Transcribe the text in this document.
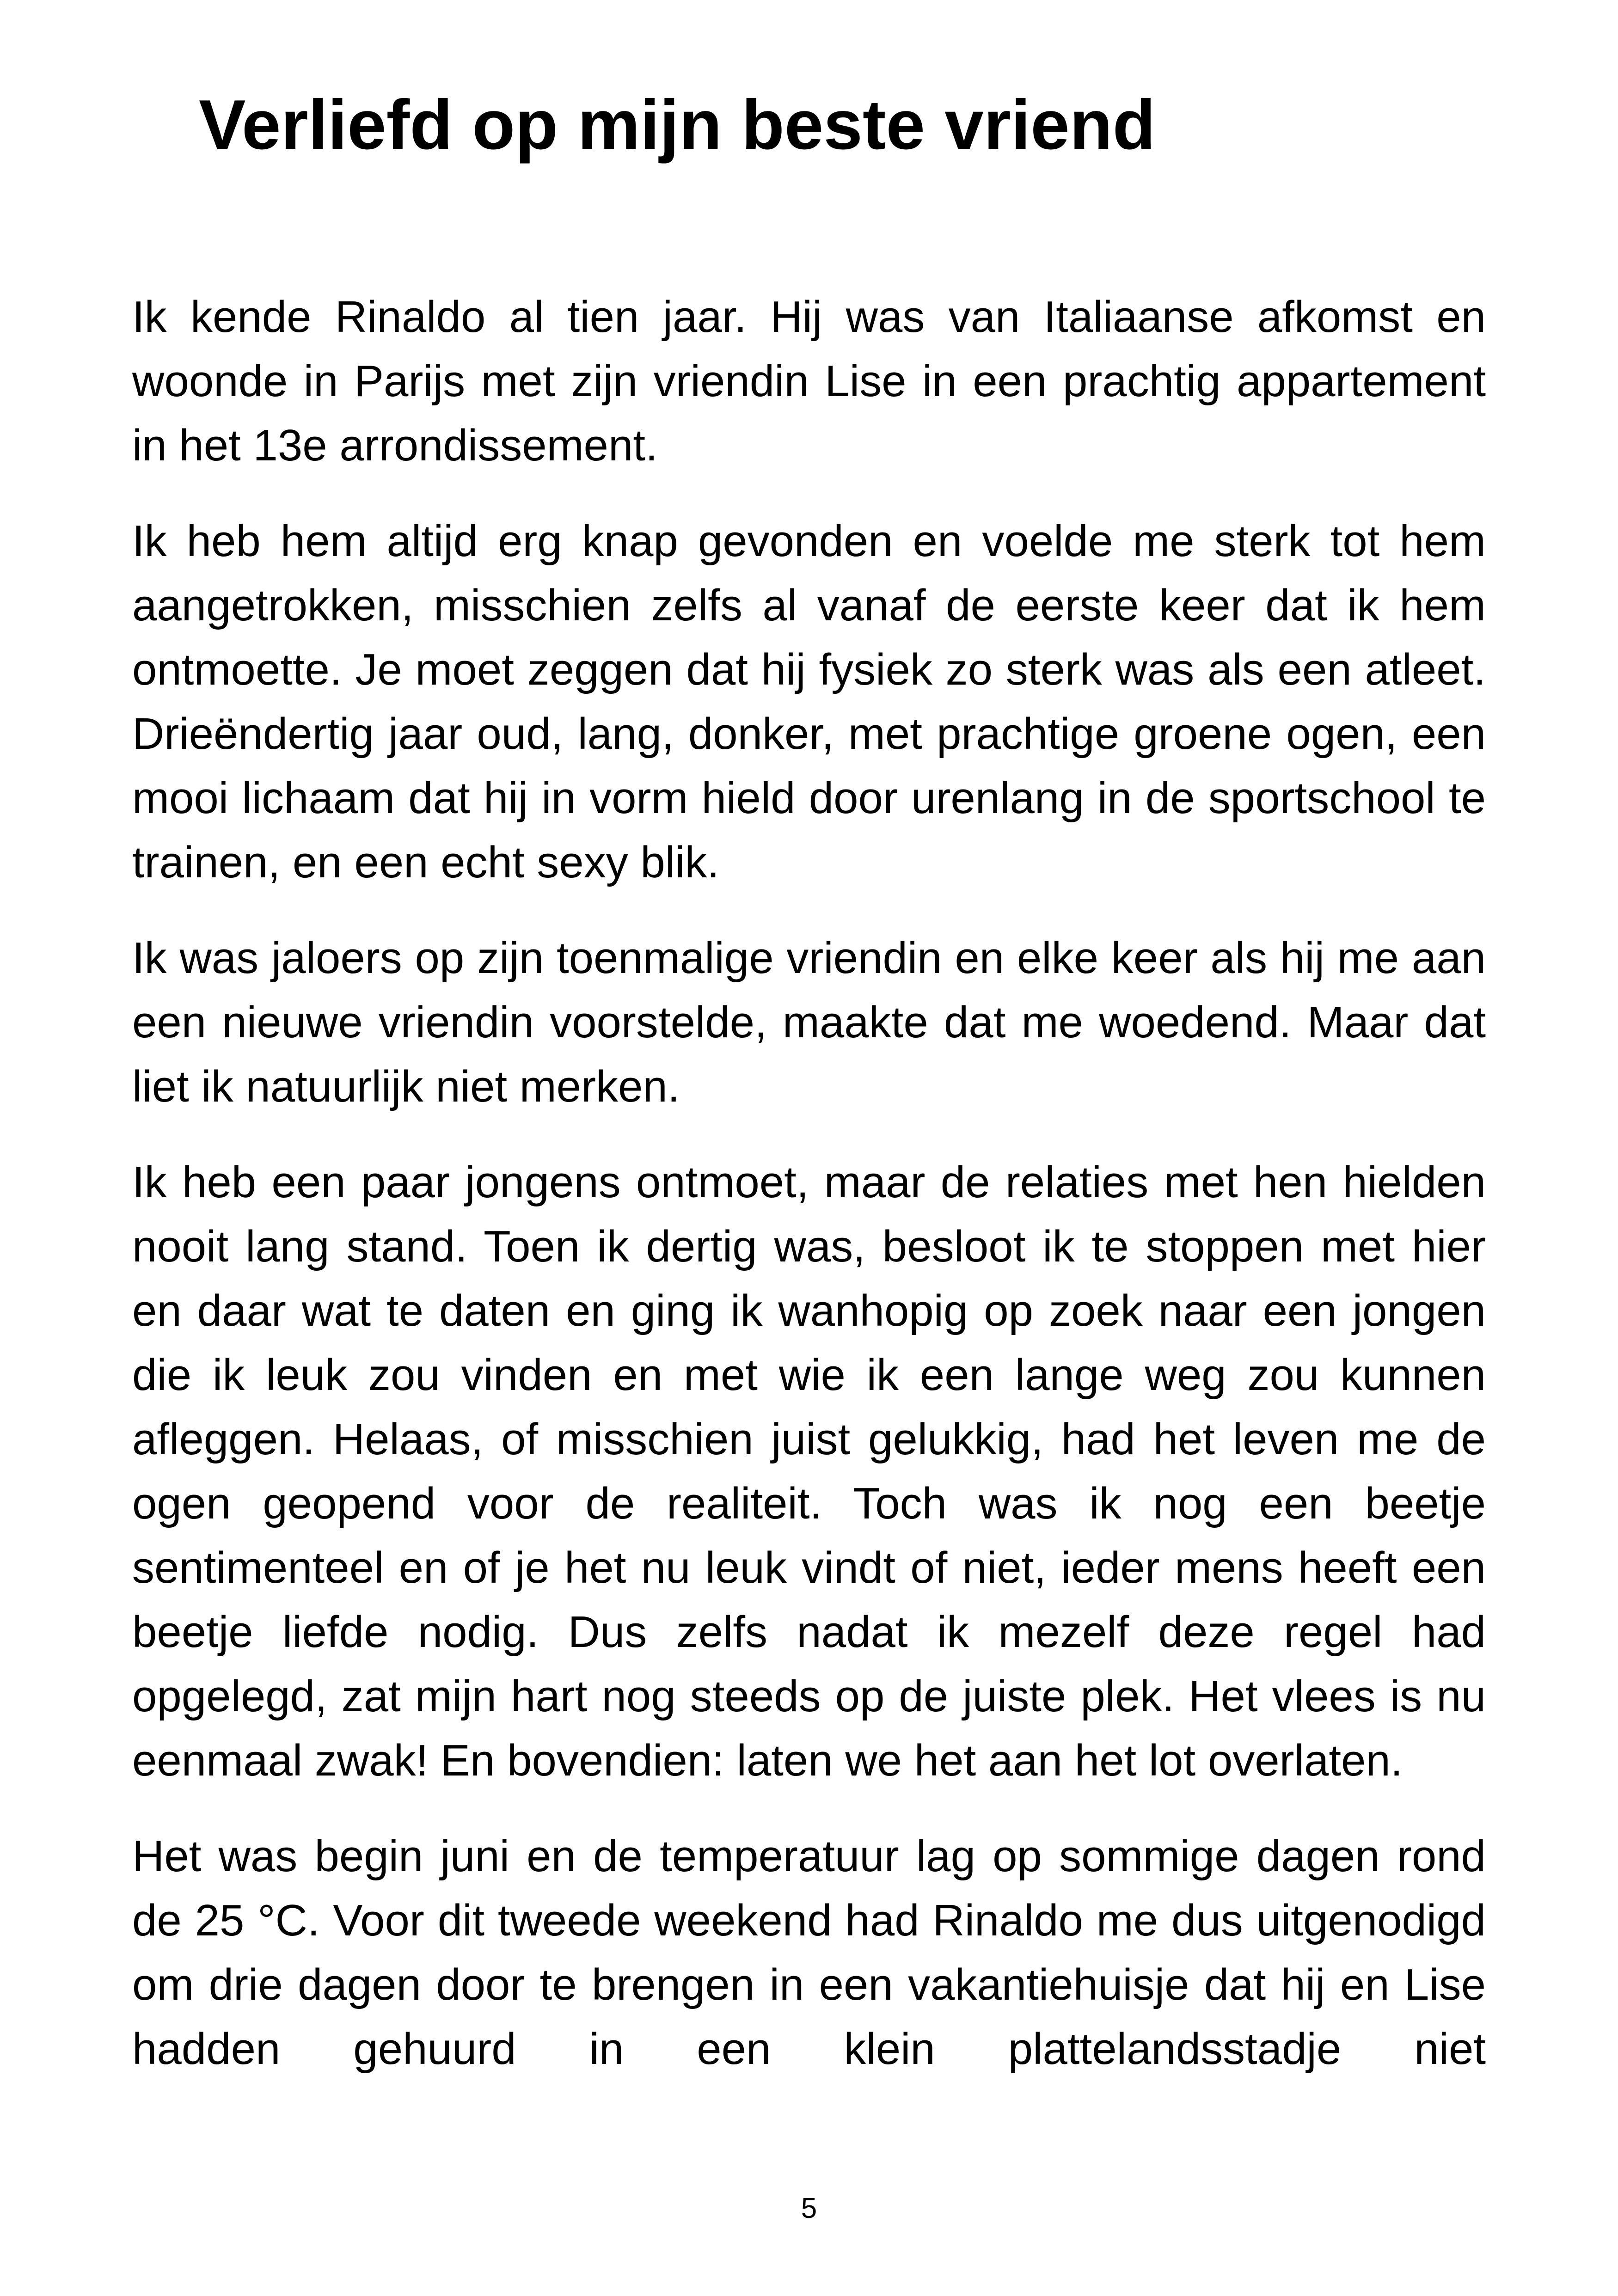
Verliefd op mijn beste vriend

Ik kende Rinaldo al tien jaar. Hij was van Italiaanse afkomst en woonde in Parijs met zijn vriendin Lise in een prachtig appartement in het 13e arrondissement.

Ik heb hem altijd erg knap gevonden en voelde me sterk tot hem aangetrokken, misschien zelfs al vanaf de eerste keer dat ik hem ontmoette. Je moet zeggen dat hij fysiek zo sterk was als een atleet. Drieëndertig jaar oud, lang, donker, met prachtige groene ogen, een mooi lichaam dat hij in vorm hield door urenlang in de sportschool te trainen, en een echt sexy blik.

Ik was jaloers op zijn toenmalige vriendin en elke keer als hij me aan een nieuwe vriendin voorstelde, maakte dat me woedend. Maar dat liet ik natuurlijk niet merken.

Ik heb een paar jongens ontmoet, maar de relaties met hen hielden nooit lang stand. Toen ik dertig was, besloot ik te stoppen met hier en daar wat te daten en ging ik wanhopig op zoek naar een jongen die ik leuk zou vinden en met wie ik een lange weg zou kunnen afleggen. Helaas, of misschien juist gelukkig, had het leven me de ogen geopend voor de realiteit. Toch was ik nog een beetje sentimenteel en of je het nu leuk vindt of niet, ieder mens heeft een beetje liefde nodig. Dus zelfs nadat ik mezelf deze regel had opgelegd, zat mijn hart nog steeds op de juiste plek. Het vlees is nu eenmaal zwak! En bovendien: laten we het aan het lot overlaten.

Het was begin juni en de temperatuur lag op sommige dagen rond de 25 °C. Voor dit tweede weekend had Rinaldo me dus uitgenodigd om drie dagen door te brengen in een vakantiehuisje dat hij en Lise hadden gehuurd in een klein plattelandsstadje niet

5
